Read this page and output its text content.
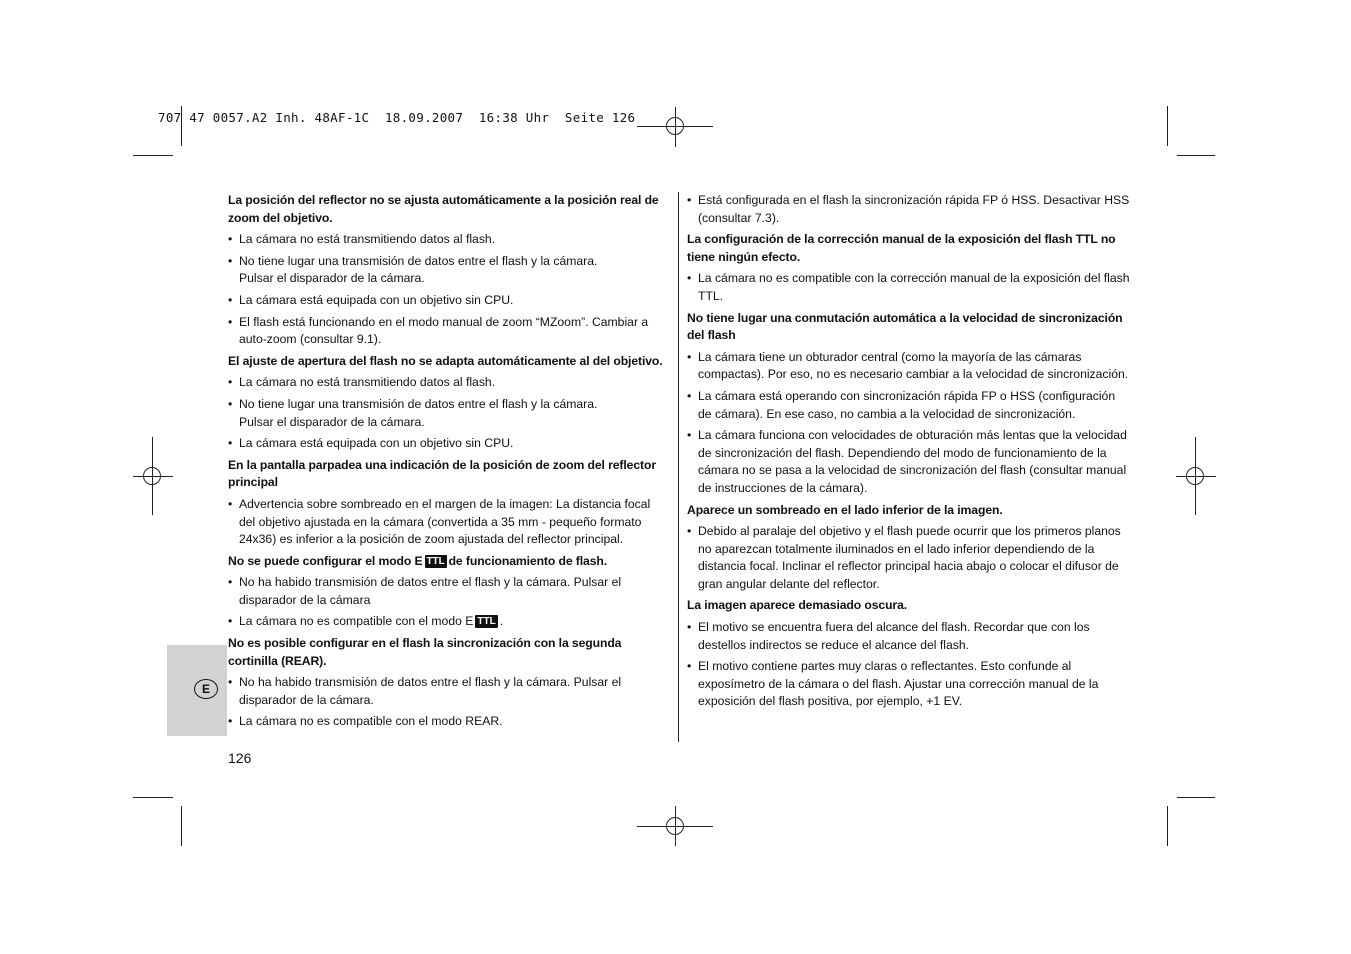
707 47 0057.A2 Inh. 48AF-1C  18.09.2007  16:38 Uhr  Seite 126
E

La posición del reflector no se ajusta automáticamente a la posición real de zoom del objetivo.

• La cámara no está transmitiendo datos al flash.

• No tiene lugar una transmisión de datos entre el flash y la cámara.
Pulsar el disparador de la cámara.

• La cámara está equipada con un objetivo sin CPU.

• El flash está funcionando en el modo manual de zoom “MZoom”. Cambiar a auto-zoom (consultar 9.1).

El ajuste de apertura del flash no se adapta automáticamente al del objetivo.

• La cámara no está transmitiendo datos al flash.

• No tiene lugar una transmisión de datos entre el flash y la cámara.
Pulsar el disparador de la cámara.

• La cámara está equipada con un objetivo sin CPU.

En la pantalla parpadea una indicación de la posición de zoom del reflector principal

• Advertencia sobre sombreado en el margen de la imagen: La distancia focal del objetivo ajustada en la cámara (convertida a 35 mm - pequeño formato 24x36) es inferior a la posición de zoom ajustada del reflector principal.

No se puede configurar el modo E TTL de funcionamiento de flash.

• No ha habido transmisión de datos entre el flash y la cámara. Pulsar el disparador de la cámara

• La cámara no es compatible con el modo E TTL .

No es posible configurar en el flash la sincronización con la segunda cortinilla (REAR).

• No ha habido transmisión de datos entre el flash y la cámara. Pulsar el disparador de la cámara.

• La cámara no es compatible con el modo REAR.

• Está configurada en el flash la sincronización rápida FP ó HSS. Desactivar HSS (consultar 7.3).

La configuración de la corrección manual de la exposición del flash TTL no tiene ningún efecto.

• La cámara no es compatible con la corrección manual de la exposición del flash TTL.

No tiene lugar una conmutación automática a la velocidad de sincronización del flash

• La cámara tiene un obturador central (como la mayoría de las cámaras compactas). Por eso, no es necesario cambiar a la velocidad de sincronización.

• La cámara está operando con sincronización rápida FP o HSS (configuración de cámara). En ese caso, no cambia a la velocidad de sincronización.

• La cámara funciona con velocidades de obturación más lentas que la velocidad de sincronización del flash. Dependiendo del modo de funcionamiento de la cámara no se pasa a la velocidad de sincronización del flash (consultar manual de instrucciones de la cámara).

Aparece un sombreado en el lado inferior de la imagen.

• Debido al paralaje del objetivo y el flash puede ocurrir que los primeros planos no aparezcan totalmente iluminados en el lado inferior dependiendo de la distancia focal. Inclinar el reflector principal hacia abajo o colocar el difusor de gran angular delante del reflector.

La imagen aparece demasiado oscura.

• El motivo se encuentra fuera del alcance del flash. Recordar que con los destellos indirectos se reduce el alcance del flash.

• El motivo contiene partes muy claras o reflectantes. Esto confunde al exposímetro de la cámara o del flash. Ajustar una corrección manual de la exposición del flash positiva, por ejemplo, +1 EV.

126
